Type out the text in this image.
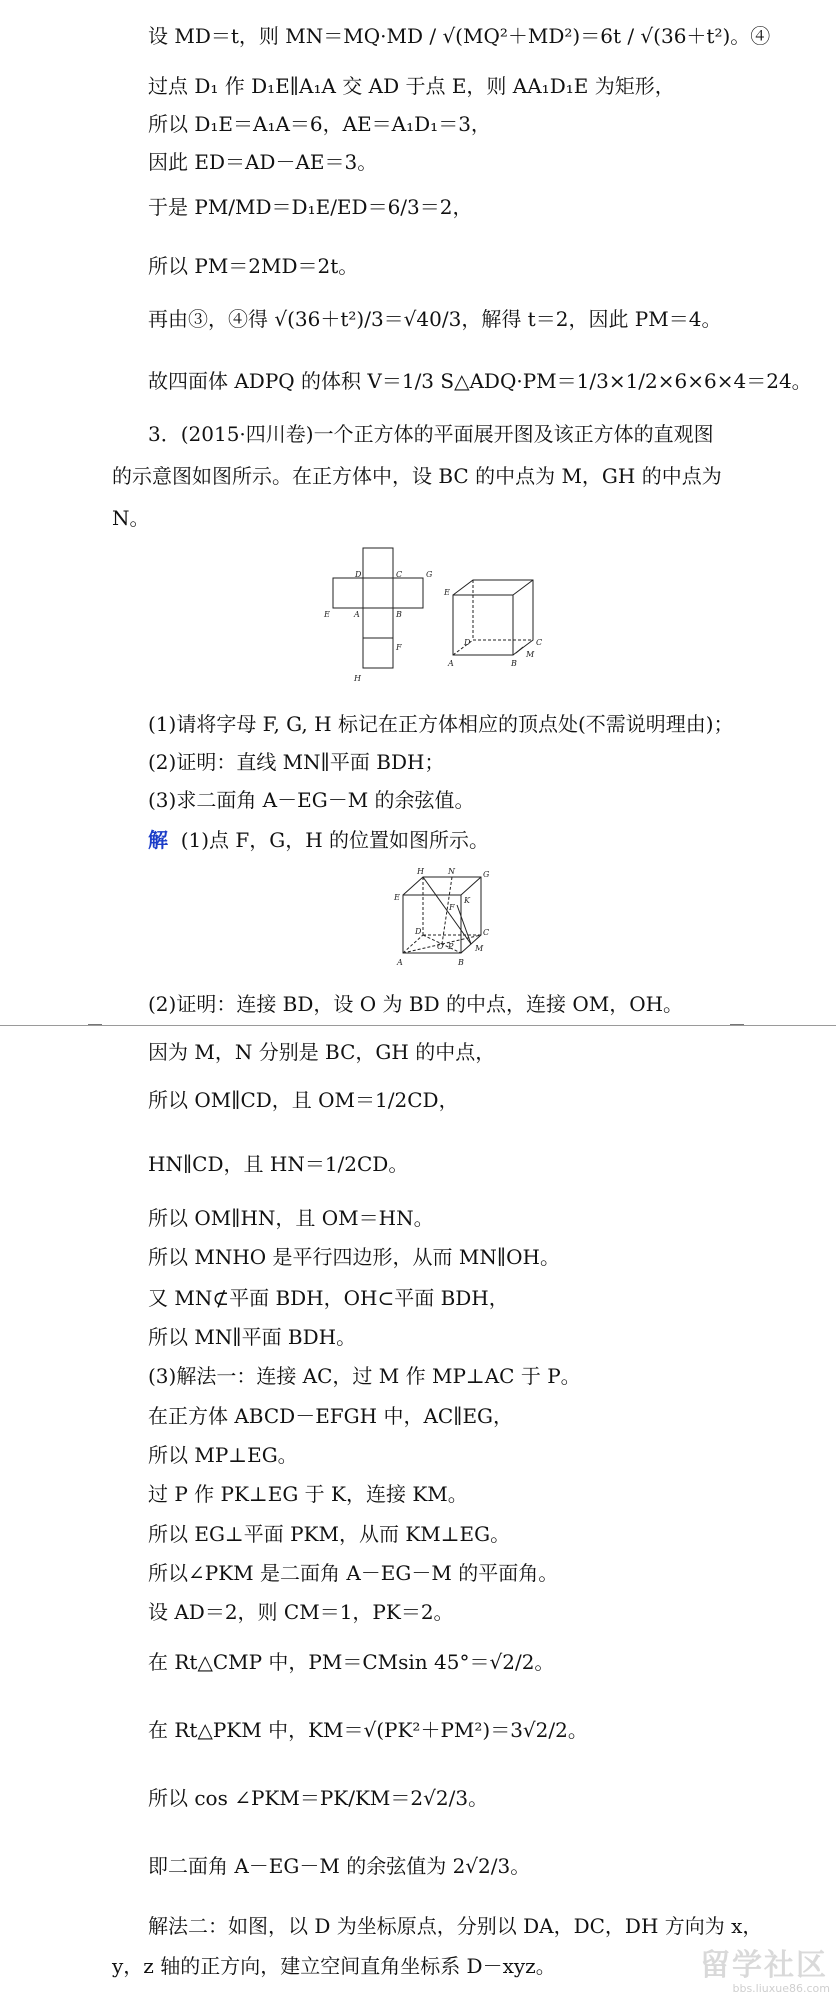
设 MD＝t，则 MN＝MQ·MD / √(MQ²＋MD²)＝6t / √(36＋t²)。④
过点 D₁ 作 D₁E∥A₁A 交 AD 于点 E，则 AA₁D₁E 为矩形，
所以 D₁E＝A₁A＝6，AE＝A₁D₁＝3，
因此 ED＝AD－AE＝3。
于是 PM/MD＝D₁E/ED＝6/3＝2，
所以 PM＝2MD＝2t。
再由③，④得 √(36＋t²)/3＝√40/3，解得 t＝2，因此 PM＝4。
故四面体 ADPQ 的体积 V＝1/3 S△ADQ·PM＝1/3×1/2×6×6×4＝24。
3．(2015·四川卷)一个正方体的平面展开图及该正方体的直观图
的示意图如图所示。在正方体中，设 BC 的中点为 M，GH 的中点为
N。
D	C	G
E	A	B
F
H
E
D
A	B
C
M
(1)请将字母 F, G, H 标记在正方体相应的顶点处(不需说明理由)；
(2)证明：直线 MN∥平面 BDH；
(3)求二面角 A－EG－M 的余弦值。
解 (1)点 F，G，H 的位置如图所示。
H	N	G
E	K
F
D
O P
C
A	B
M
(2)证明：连接 BD，设 O 为 BD 的中点，连接 OM，OH。
因为 M，N 分别是 BC，GH 的中点，
所以 OM∥CD，且 OM＝1/2CD，
HN∥CD，且 HN＝1/2CD。
所以 OM∥HN，且 OM＝HN。
所以 MNHO 是平行四边形，从而 MN∥OH。
又 MN⊄平面 BDH，OH⊂平面 BDH，
所以 MN∥平面 BDH。
(3)解法一：连接 AC，过 M 作 MP⊥AC 于 P。
在正方体 ABCD－EFGH 中，AC∥EG，
所以 MP⊥EG。
过 P 作 PK⊥EG 于 K，连接 KM。
所以 EG⊥平面 PKM，从而 KM⊥EG。
所以∠PKM 是二面角 A－EG－M 的平面角。
设 AD＝2，则 CM＝1，PK＝2。
在 Rt△CMP 中，PM＝CMsin 45°＝√2/2。
在 Rt△PKM 中，KM＝√(PK²＋PM²)＝3√2/2。
所以 cos ∠PKM＝PK/KM＝2√2/3。
即二面角 A－EG－M 的余弦值为 2√2/3。
解法二：如图，以 D 为坐标原点，分别以 DA，DC，DH 方向为 x，
y，z 轴的正方向，建立空间直角坐标系 D－xyz。	留学社区
bbs.liuxue86.com
